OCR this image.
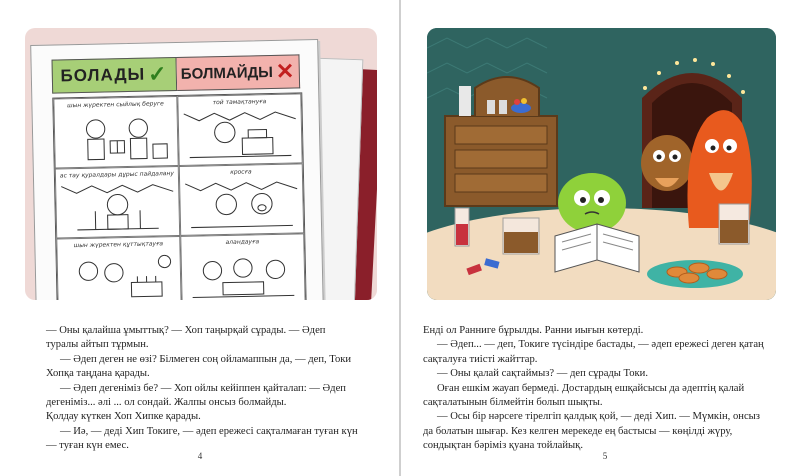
БОЛАДЫ ✓ БОЛМАЙДЫ ✕
шын жүректен сыйлық беруге	той тамақтануға
ас тау қуралдары дұрыс пайдалану	кросға
шын жүректен құттықтауға	аландауға

— Оны қалайша ұмыттық? — Хоп таңырқай сұрады. — Әдеп туралы айтып тұрмын.

— Әдеп деген не өзі? Білмеген соң ойламаппын да, — деп, Токи Хопқа таңдана қарады.

— Әдеп дегеніміз бе? — Хоп ойлы кейіппен қайталап: — Әдеп дегеніміз... әлі ... ол сондай. Жалпы онсыз болмайды.

Қолдау күткен Хоп Хипке қарады.

— Иә, — деді Хип Токиге, — әдеп ережесі сақталмаған туған күн — туған күн емес.

4

Енді ол Ранниге бұрылды. Ранни иығын көтерді.

— Әдеп... — деп, Токиге түсіндіре бастады, — әдеп ережесі деген қатаң сақталуға тиісті жайттар.

— Оны қалай сақтаймыз? — деп сұрады Токи.

Оған ешкім жауап бермеді. Достардың ешқайсысы да әдептің қалай сақталатынын білмейтін болып шықты.

— Осы бір нәрсеге тірелгіп қалдық қой, — деді Хип. — Мүмкін, онсыз да болатын шығар. Кез келген мерекеде ең бастысы — көңілді жүру, сондықтан бәріміз қуана тойлайық.

5
